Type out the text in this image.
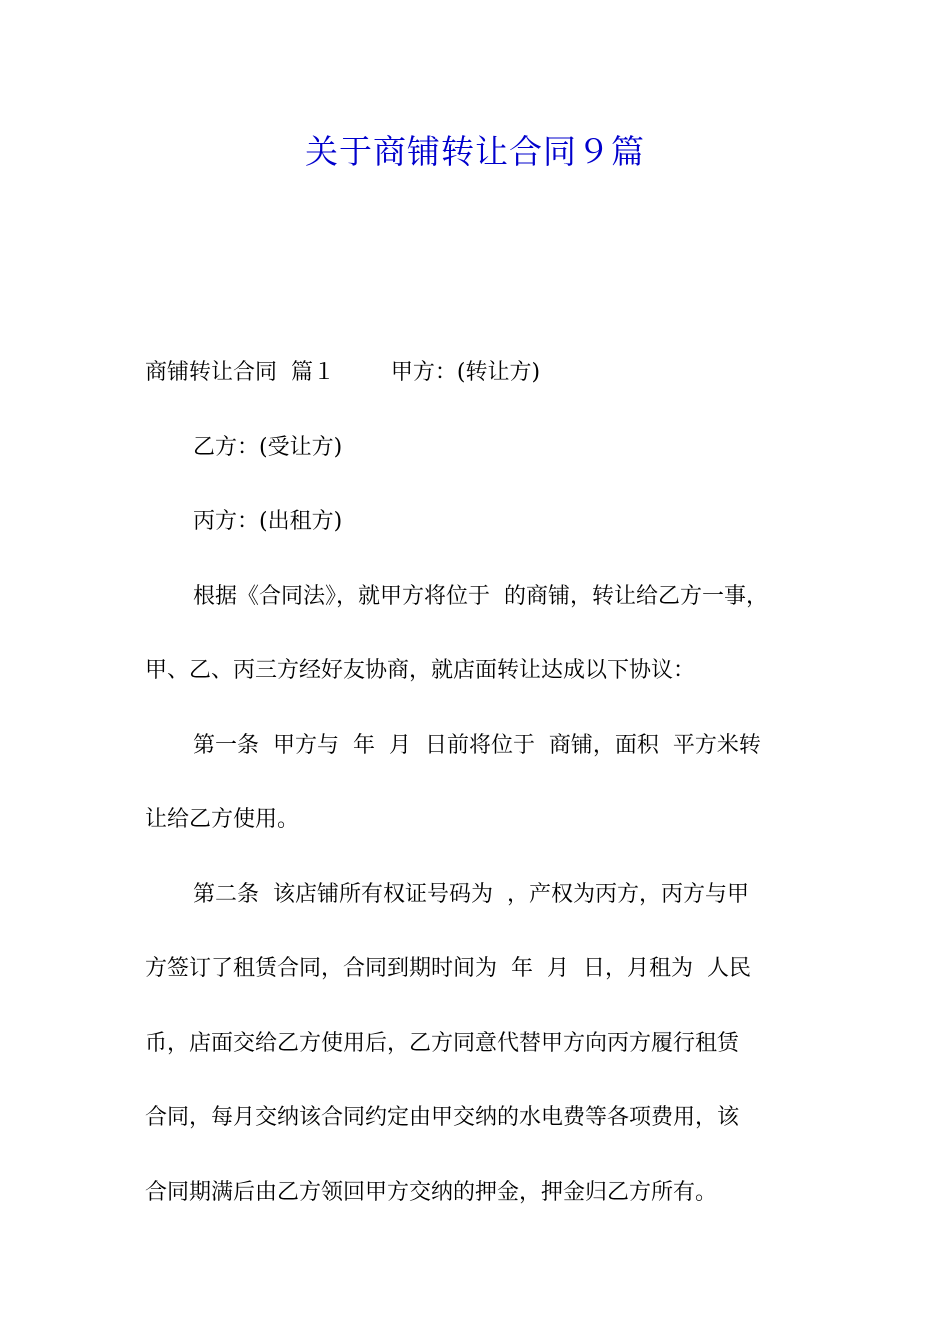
关于商铺转让合同９篇
商铺转让合同  篇１        甲方：(转让方)
乙方：(受让方)
丙方：(出租方)
根据《合同法》，就甲方将位于  的商铺，转让给乙方一事，
甲、乙、丙三方经好友协商，就店面转让达成以下协议：
第一条  甲方与  年  月  日前将位于  商铺，面积  平方米转
让给乙方使用。
第二条  该店铺所有权证号码为  ，产权为丙方，丙方与甲
方签订了租赁合同，合同到期时间为  年  月  日，月租为  人民
币，店面交给乙方使用后，乙方同意代替甲方向丙方履行租赁
合同，每月交纳该合同约定由甲交纳的水电费等各项费用，该
合同期满后由乙方领回甲方交纳的押金，押金归乙方所有。
